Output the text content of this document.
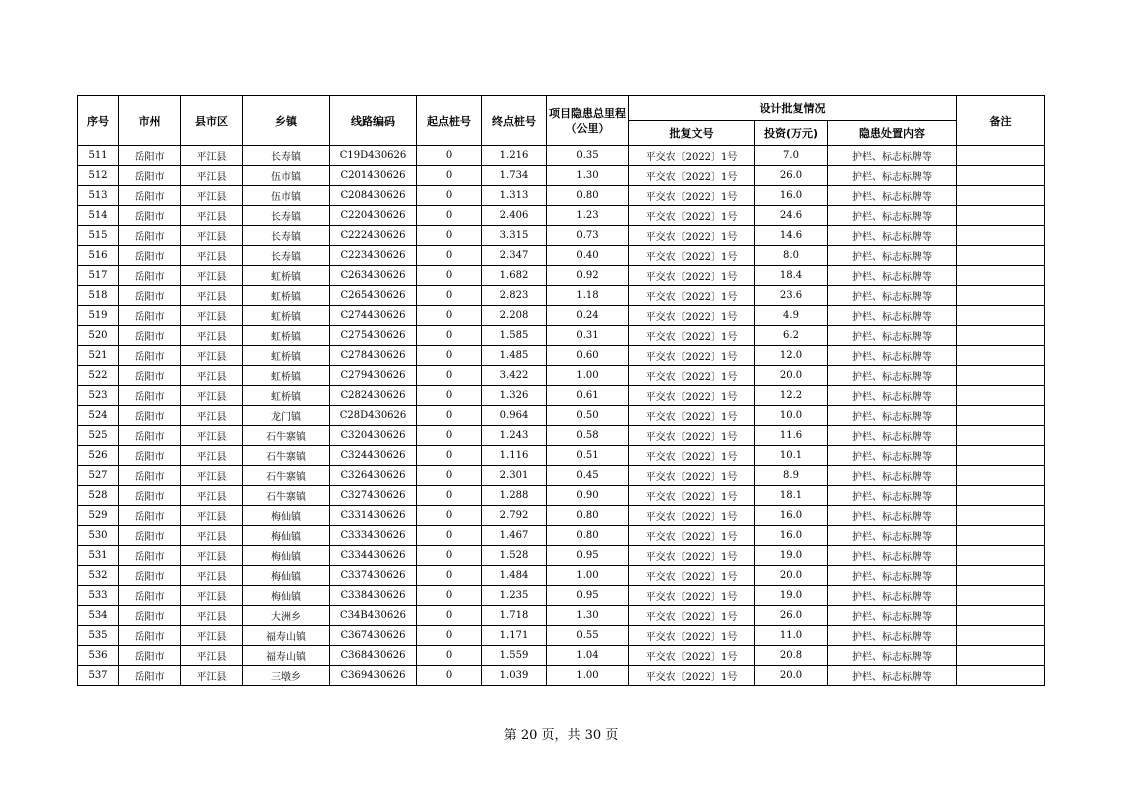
序号	市州	县市区	乡镇	线路编码	起点桩号	终点桩号	项目隐患总里程（公里）	设计批复情况			备注
								批复文号	投资(万元)	隐患处置内容	
511	岳阳市	平江县	长寿镇	C19D430626	0	1.216	0.35	平交农〔2022〕1号	7.0	护栏、标志标牌等	
512	岳阳市	平江县	伍市镇	C201430626	0	1.734	1.30	平交农〔2022〕1号	26.0	护栏、标志标牌等	
513	岳阳市	平江县	伍市镇	C208430626	0	1.313	0.80	平交农〔2022〕1号	16.0	护栏、标志标牌等	
514	岳阳市	平江县	长寿镇	C220430626	0	2.406	1.23	平交农〔2022〕1号	24.6	护栏、标志标牌等	
515	岳阳市	平江县	长寿镇	C222430626	0	3.315	0.73	平交农〔2022〕1号	14.6	护栏、标志标牌等	
516	岳阳市	平江县	长寿镇	C223430626	0	2.347	0.40	平交农〔2022〕1号	8.0	护栏、标志标牌等	
517	岳阳市	平江县	虹桥镇	C263430626	0	1.682	0.92	平交农〔2022〕1号	18.4	护栏、标志标牌等	
518	岳阳市	平江县	虹桥镇	C265430626	0	2.823	1.18	平交农〔2022〕1号	23.6	护栏、标志标牌等	
519	岳阳市	平江县	虹桥镇	C274430626	0	2.208	0.24	平交农〔2022〕1号	4.9	护栏、标志标牌等	
520	岳阳市	平江县	虹桥镇	C275430626	0	1.585	0.31	平交农〔2022〕1号	6.2	护栏、标志标牌等	
521	岳阳市	平江县	虹桥镇	C278430626	0	1.485	0.60	平交农〔2022〕1号	12.0	护栏、标志标牌等	
522	岳阳市	平江县	虹桥镇	C279430626	0	3.422	1.00	平交农〔2022〕1号	20.0	护栏、标志标牌等	
523	岳阳市	平江县	虹桥镇	C282430626	0	1.326	0.61	平交农〔2022〕1号	12.2	护栏、标志标牌等	
524	岳阳市	平江县	龙门镇	C28D430626	0	0.964	0.50	平交农〔2022〕1号	10.0	护栏、标志标牌等	
525	岳阳市	平江县	石牛寨镇	C320430626	0	1.243	0.58	平交农〔2022〕1号	11.6	护栏、标志标牌等	
526	岳阳市	平江县	石牛寨镇	C324430626	0	1.116	0.51	平交农〔2022〕1号	10.1	护栏、标志标牌等	
527	岳阳市	平江县	石牛寨镇	C326430626	0	2.301	0.45	平交农〔2022〕1号	8.9	护栏、标志标牌等	
528	岳阳市	平江县	石牛寨镇	C327430626	0	1.288	0.90	平交农〔2022〕1号	18.1	护栏、标志标牌等	
529	岳阳市	平江县	梅仙镇	C331430626	0	2.792	0.80	平交农〔2022〕1号	16.0	护栏、标志标牌等	
530	岳阳市	平江县	梅仙镇	C333430626	0	1.467	0.80	平交农〔2022〕1号	16.0	护栏、标志标牌等	
531	岳阳市	平江县	梅仙镇	C334430626	0	1.528	0.95	平交农〔2022〕1号	19.0	护栏、标志标牌等	
532	岳阳市	平江县	梅仙镇	C337430626	0	1.484	1.00	平交农〔2022〕1号	20.0	护栏、标志标牌等	
533	岳阳市	平江县	梅仙镇	C338430626	0	1.235	0.95	平交农〔2022〕1号	19.0	护栏、标志标牌等	
534	岳阳市	平江县	大洲乡	C34B430626	0	1.718	1.30	平交农〔2022〕1号	26.0	护栏、标志标牌等	
535	岳阳市	平江县	福寿山镇	C367430626	0	1.171	0.55	平交农〔2022〕1号	11.0	护栏、标志标牌等	
536	岳阳市	平江县	福寿山镇	C368430626	0	1.559	1.04	平交农〔2022〕1号	20.8	护栏、标志标牌等	
537	岳阳市	平江县	三墩乡	C369430626	0	1.039	1.00	平交农〔2022〕1号	20.0	护栏、标志标牌等	
第 20 页，共 30 页
